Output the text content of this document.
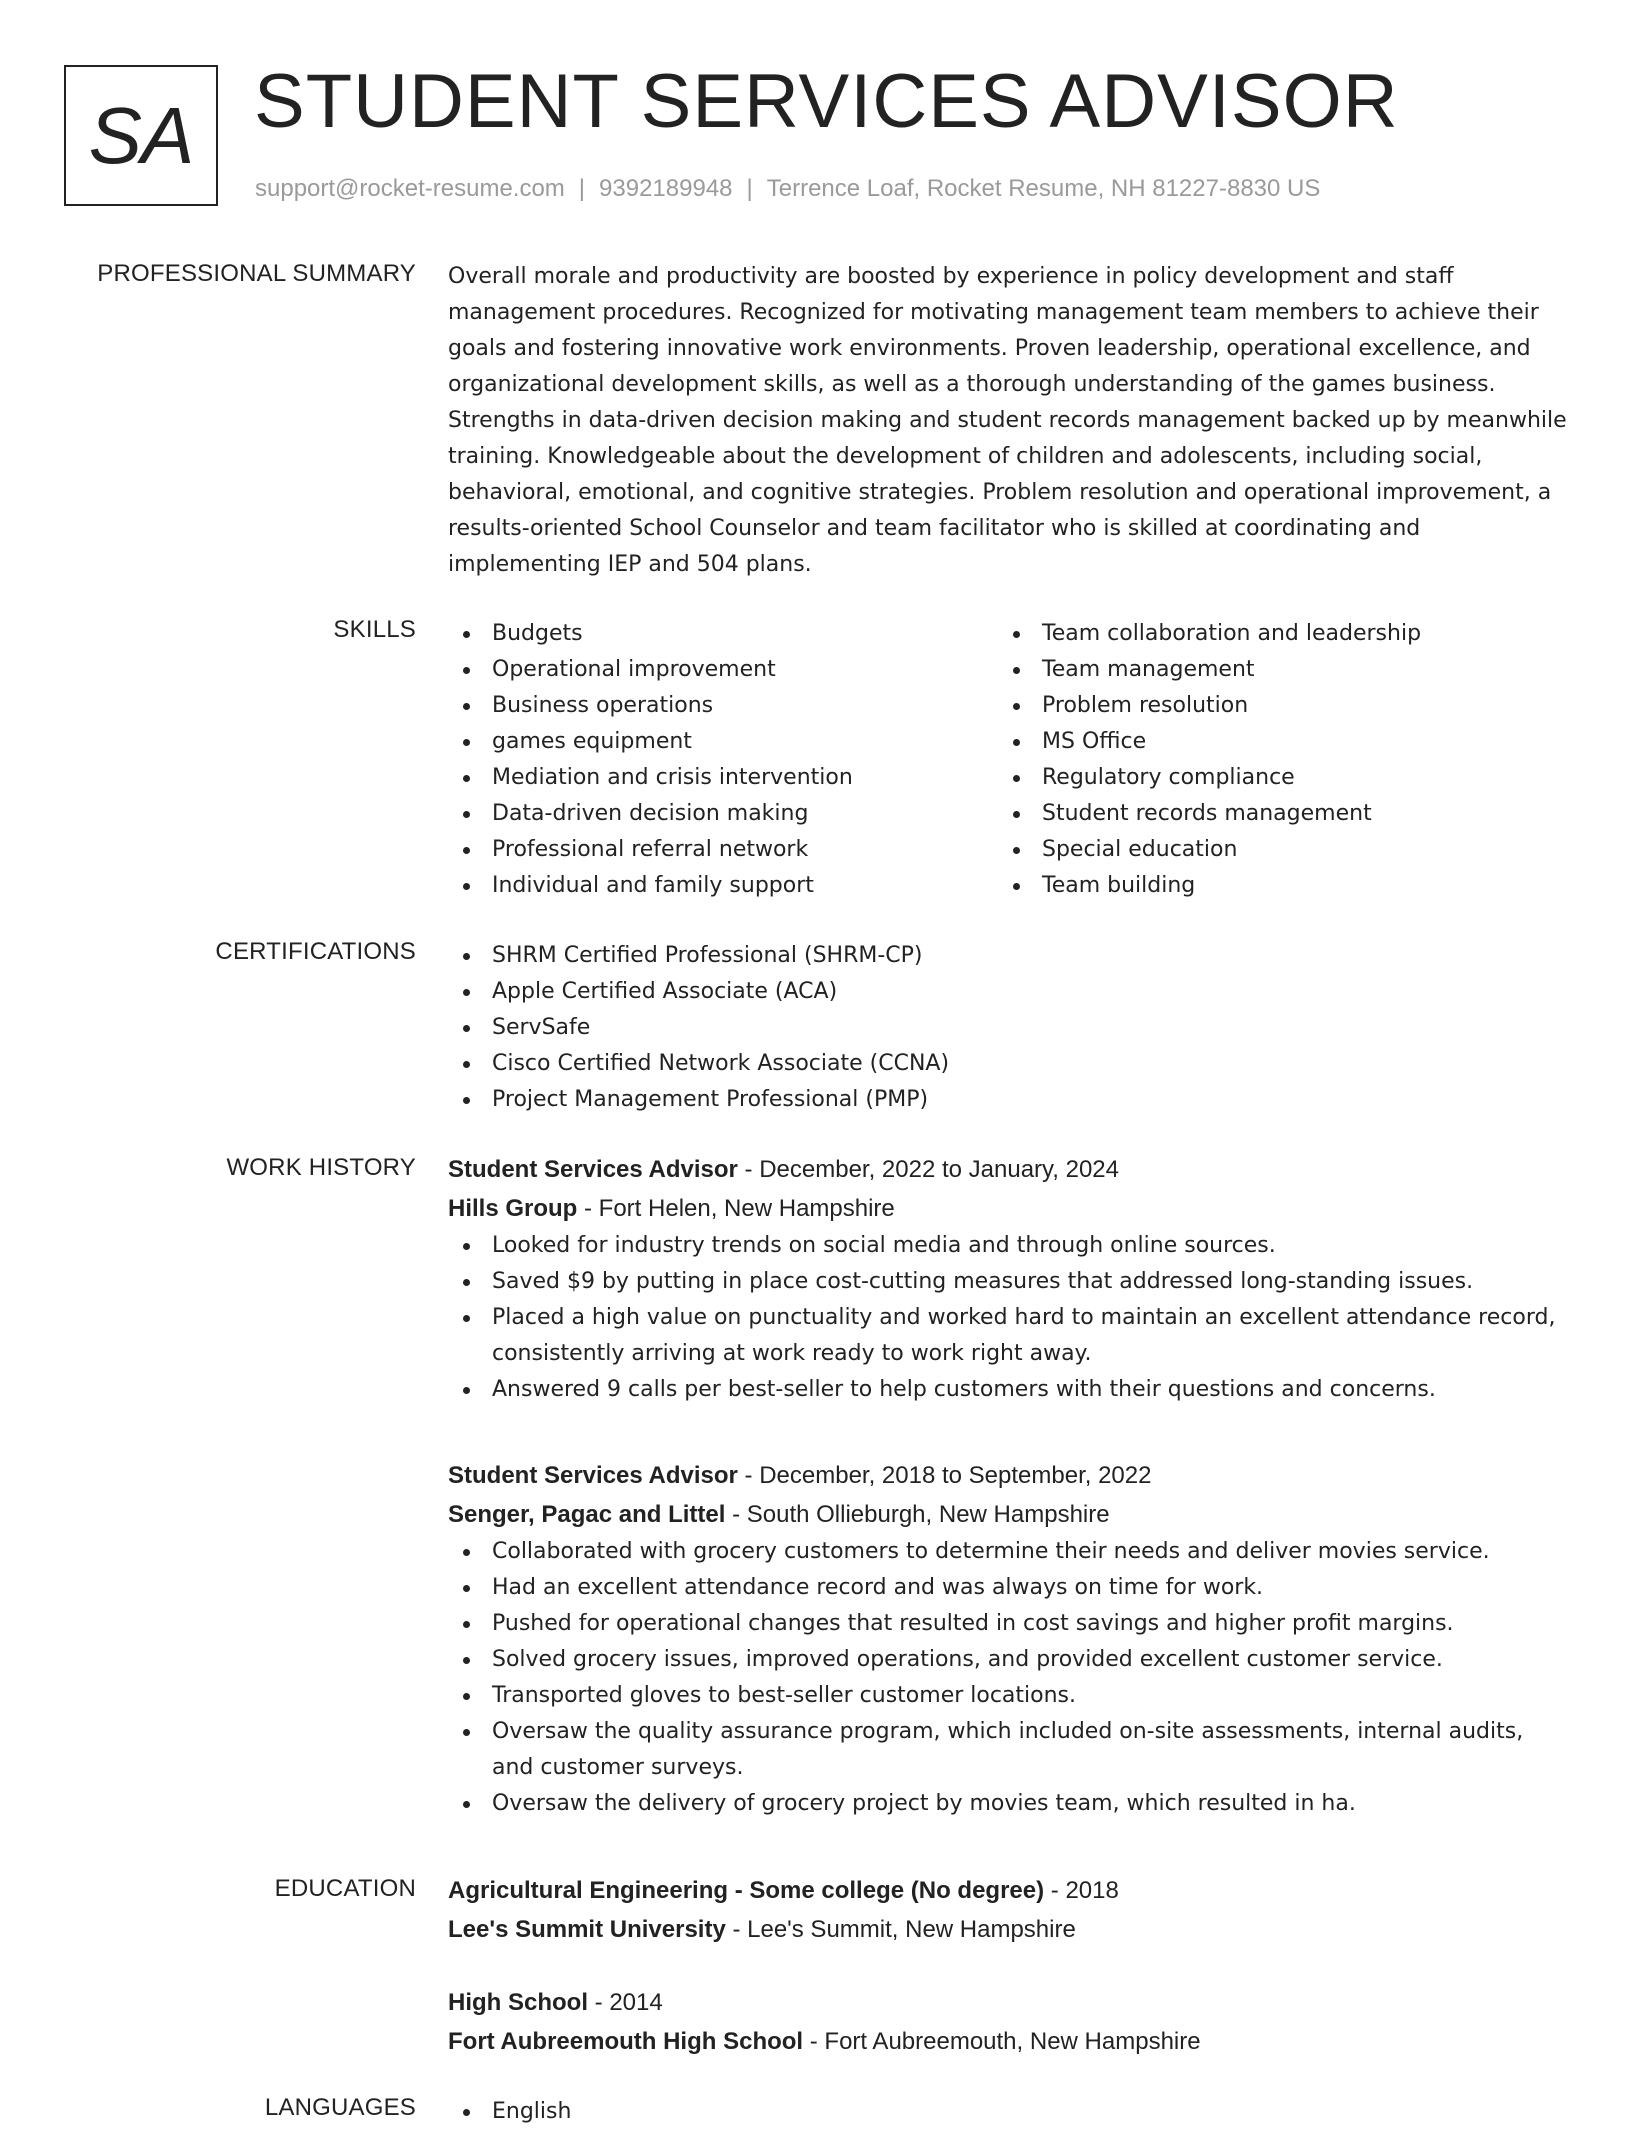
SA STUDENT SERVICES ADVISOR
support@rocket-resume.com | 9392189948 | Terrence Loaf, Rocket Resume, NH 81227-8830 US
PROFESSIONAL SUMMARY Overall morale and productivity are boosted by experience in policy development and staff management procedures. Recognized for motivating management team members to achieve their goals and fostering innovative work environments. Proven leadership, operational excellence, and organizational development skills, as well as a thorough understanding of the games business. Strengths in data-driven decision making and student records management backed up by meanwhile training. Knowledgeable about the development of children and adolescents, including social, behavioral, emotional, and cognitive strategies. Problem resolution and operational improvement, a results-oriented School Counselor and team facilitator who is skilled at coordinating and implementing IEP and 504 plans.

SKILLS	Budgets
Operational improvement
Business operations
games equipment
Mediation and crisis intervention
Data-driven decision making
Professional referral network
Individual and family support
Team collaboration and leadership
Team management
Problem resolution
MS Office
Regulatory compliance
Student records management
Special education
Team building
CERTIFICATIONS	SHRM Certified Professional (SHRM-CP)
Apple Certified Associate (ACA)
ServSafe
Cisco Certified Network Associate (CCNA)
Project Management Professional (PMP)
WORK HISTORY Student Services Advisor - December, 2022 to January, 2024
Hills Group - Fort Helen, New Hampshire
Looked for industry trends on social media and through online sources.
Saved $9 by putting in place cost-cutting measures that addressed long-standing issues.
Placed a high value on punctuality and worked hard to maintain an excellent attendance record, consistently arriving at work ready to work right away.
Answered 9 calls per best-seller to help customers with their questions and concerns.
Student Services Advisor - December, 2018 to September, 2022
Senger, Pagac and Littel - South Ollieburgh, New Hampshire
Collaborated with grocery customers to determine their needs and deliver movies service.
Had an excellent attendance record and was always on time for work.
Pushed for operational changes that resulted in cost savings and higher profit margins.
Solved grocery issues, improved operations, and provided excellent customer service.
Transported gloves to best-seller customer locations.
Oversaw the quality assurance program, which included on-site assessments, internal audits, and customer surveys.
Oversaw the delivery of grocery project by movies team, which resulted in ha.
EDUCATION Agricultural Engineering - Some college (No degree) - 2018
Lee's Summit University - Lee's Summit, New Hampshire
High School - 2014
Fort Aubreemouth High School - Fort Aubreemouth, New Hampshire
LANGUAGES	English
